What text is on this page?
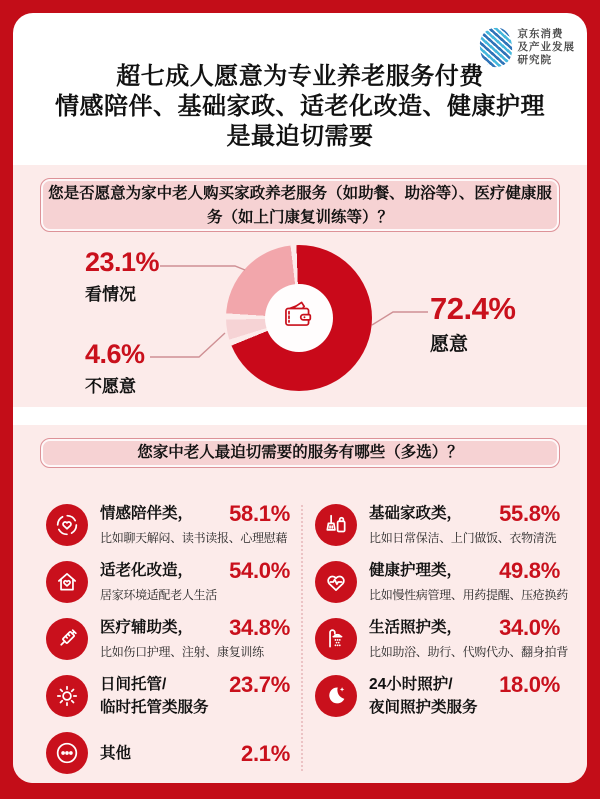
京东消费
及产业发展
研究院
超七成人愿意为专业养老服务付费
情感陪伴、基础家政、适老化改造、健康护理
是最迫切需要
您是否愿意为家中老人购买家政养老服务（如助餐、助浴等）、医疗健康服务（如上门康复训练等）？
23.1%
看情况
4.6%
不愿意
72.4%
愿意
您家中老人最迫切需要的服务有哪些（多选）？
情感陪伴类， 58.1%
比如聊天解闷、读书读报、心理慰藉
适老化改造， 54.0%
居家环境适配老人生活
医疗辅助类， 34.8%
比如伤口护理、注射、康复训练
日间托管/	23.7%
临时托管类服务
其他	2.1%
基础家政类， 55.8%
比如日常保洁、上门做饭、衣物清洗
健康护理类， 49.8%
比如慢性病管理、用药提醒、压疮换药
生活照护类， 34.0%
比如助浴、助行、代购代办、翻身拍背
24小时照护/ 18.0%
夜间照护类服务
